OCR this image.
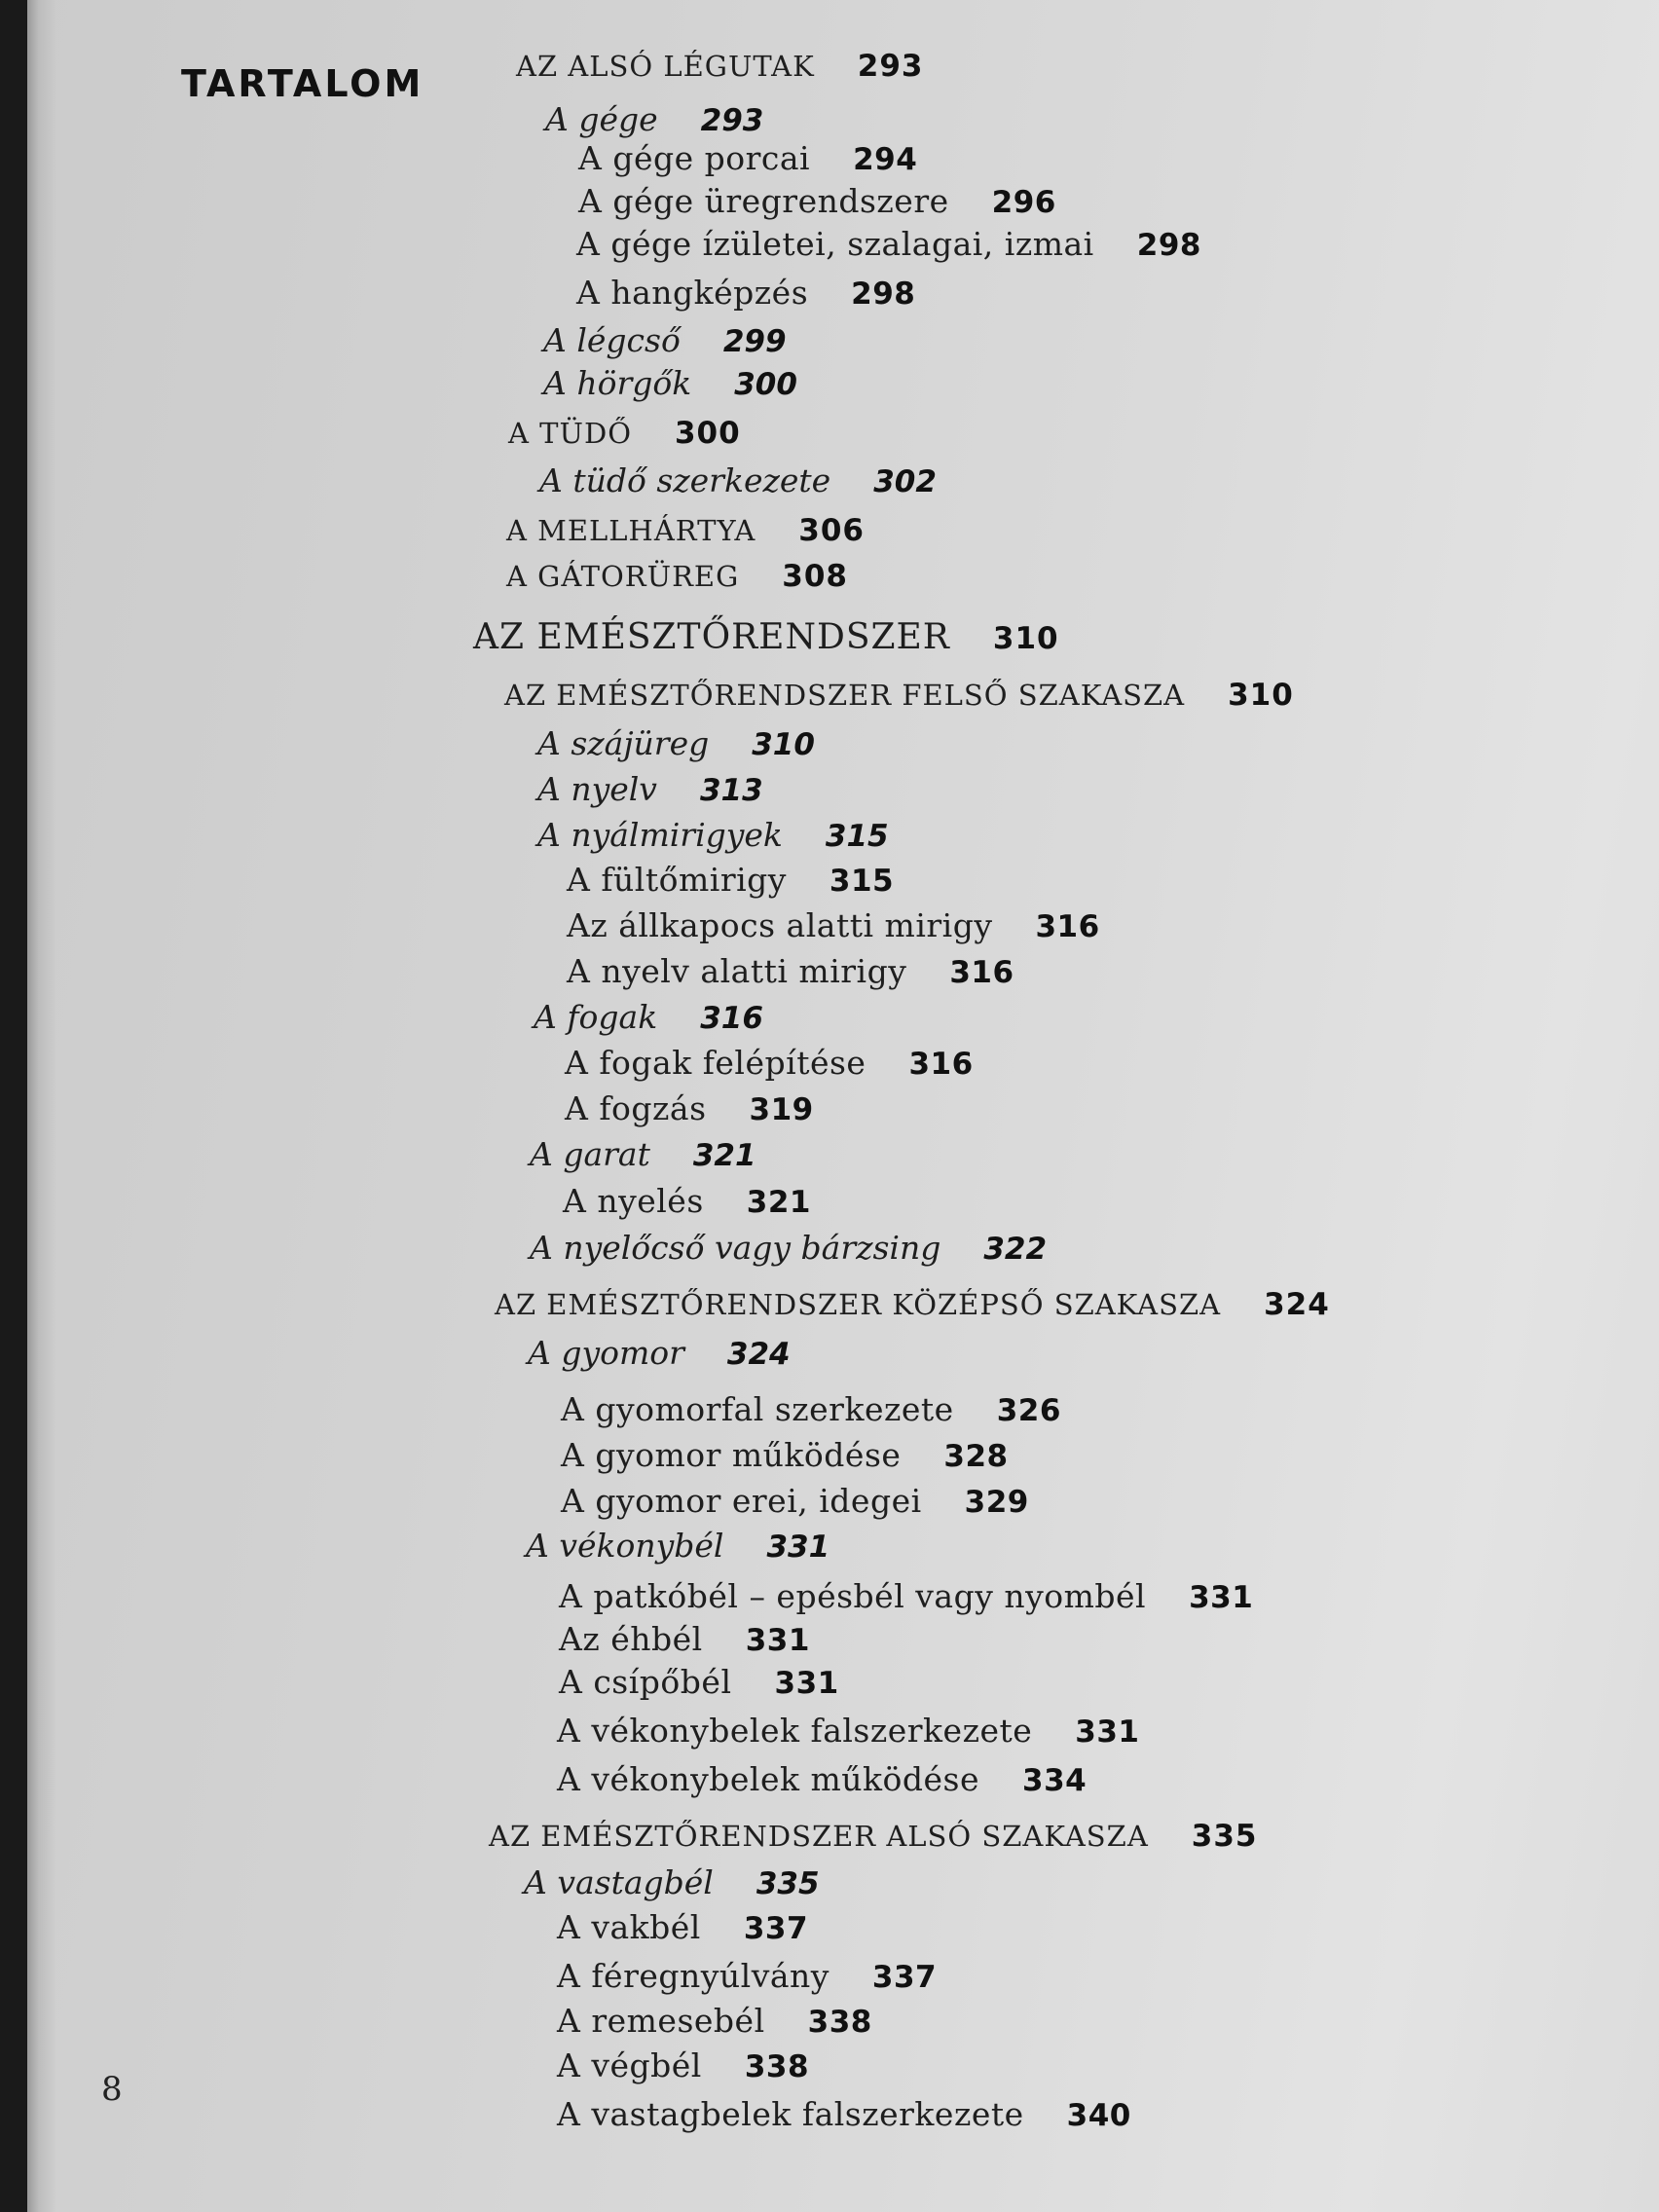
TARTALOM	AZ ALSÓ LÉGUTAK 293
A gége 293
A gége porcai 294
A gége üregrendszere 296
A gége ízületei, szalagai, izmai 298
A hangképzés 298
A légcső 299
A hörgők 300
A TÜDŐ 300
A tüdő szerkezete 302
A MELLHÁRTYA 306
A GÁTORÜREG 308
AZ EMÉSZTŐRENDSZER 310
AZ EMÉSZTŐRENDSZER FELSŐ SZAKASZA 310
A szájüreg 310
A nyelv 313
A nyálmirigyek 315
A fültőmirigy 315
Az állkapocs alatti mirigy 316
A nyelv alatti mirigy 316
A fogak 316
A fogak felépítése 316
A fogzás 319
A garat 321
A nyelés 321
A nyelőcső vagy bárzsing 322
AZ EMÉSZTŐRENDSZER KÖZÉPSŐ SZAKASZA 324
A gyomor 324
A gyomorfal szerkezete 326
A gyomor működése 328
A gyomor erei, idegei 329
A vékonybél 331
A patkóbél – epésbél vagy nyombél 331
Az éhbél 331
A csípőbél 331
A vékonybelek falszerkezete 331
A vékonybelek működése 334
AZ EMÉSZTŐRENDSZER ALSÓ SZAKASZA 335
A vastagbél 335
A vakbél 337
A féregnyúlvány 337
A remesebél 338
A végbél 338
A vastagbelek falszerkezete 340
8
